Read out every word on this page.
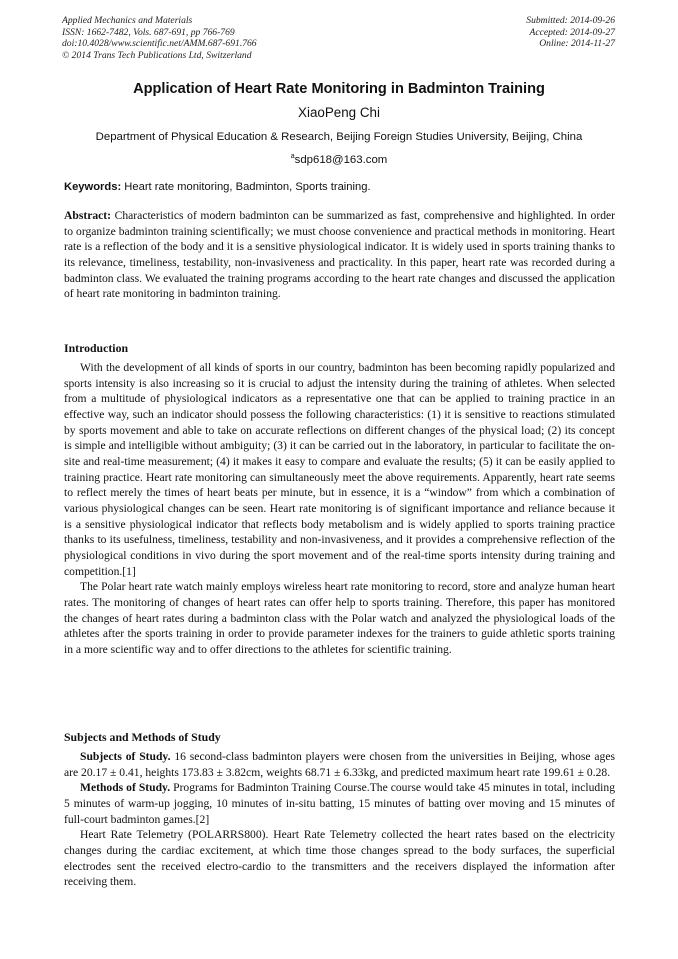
Applied Mechanics and Materials
ISSN: 1662-7482, Vols. 687-691, pp 766-769
doi:10.4028/www.scientific.net/AMM.687-691.766
© 2014 Trans Tech Publications Ltd, Switzerland
Submitted: 2014-09-26
Accepted: 2014-09-27
Online: 2014-11-27
Application of Heart Rate Monitoring in Badminton Training
XiaoPeng Chi
Department of Physical Education & Research, Beijing Foreign Studies University, Beijing, China
$^a$sdp618@163.com
Keywords: Heart rate monitoring, Badminton, Sports training.

Abstract: Characteristics of modern badminton can be summarized as fast, comprehensive and highlighted. In order to organize badminton training scientifically; we must choose convenience and practical methods in monitoring. Heart rate is a reflection of the body and it is a sensitive physiological indicator. It is widely used in sports training thanks to its relevance, timeliness, testability, non-invasiveness and practicality. In this paper, heart rate was recorded during a badminton class. We evaluated the training programs according to the heart rate changes and discussed the application of heart rate monitoring in badminton training.

Introduction

With the development of all kinds of sports in our country, badminton has been becoming rapidly popularized and sports intensity is also increasing so it is crucial to adjust the intensity during the training of athletes. When selected from a multitude of physiological indicators as a representative one that can be applied to training practice in an effective way, such an indicator should possess the following characteristics: (1) it is sensitive to reactions stimulated by sports movement and able to take on accurate reflections on different changes of the physical load; (2) its concept is simple and intelligible without ambiguity; (3) it can be carried out in the laboratory, in particular to facilitate the on-site and real-time measurement; (4) it makes it easy to compare and evaluate the results; (5) it can be easily applied to training practice. Heart rate monitoring can simultaneously meet the above requirements. Apparently, heart rate seems to reflect merely the times of heart beats per minute, but in essence, it is a “window” from which a combination of various physiological changes can be seen. Heart rate monitoring is of significant importance and reliance because it is a sensitive physiological indicator that reflects body metabolism and is widely applied to sports training practice thanks to its usefulness, timeliness, testability and non-invasiveness, and it provides a comprehensive reflection of the physiological conditions in vivo during the sport movement and of the real-time sports intensity during training and competition.[1]

The Polar heart rate watch mainly employs wireless heart rate monitoring to record, store and analyze human heart rates. The monitoring of changes of heart rates can offer help to sports training. Therefore, this paper has monitored the changes of heart rates during a badminton class with the Polar watch and analyzed the physiological loads of the athletes after the sports training in order to provide parameter indexes for the trainers to guide athletic sports training in a more scientific way and to offer directions to the athletes for scientific training.

Subjects and Methods of Study

Subjects of Study. 16 second-class badminton players were chosen from the universities in Beijing, whose ages are 20.17 ± 0.41, heights 173.83 ± 3.82cm, weights 68.71 ± 6.33kg, and predicted maximum heart rate 199.61 ± 0.28.

Methods of Study. Programs for Badminton Training Course.The course would take 45 minutes in total, including 5 minutes of warm-up jogging, 10 minutes of in-situ batting, 15 minutes of batting over moving and 15 minutes of full-court badminton games.[2]

Heart Rate Telemetry (POLARRS800). Heart Rate Telemetry collected the heart rates based on the electricity changes during the cardiac excitement, at which time those changes spread to the body surfaces, the superficial electrodes sent the received electro-cardio to the transmitters and the receivers displayed the information after receiving them.
